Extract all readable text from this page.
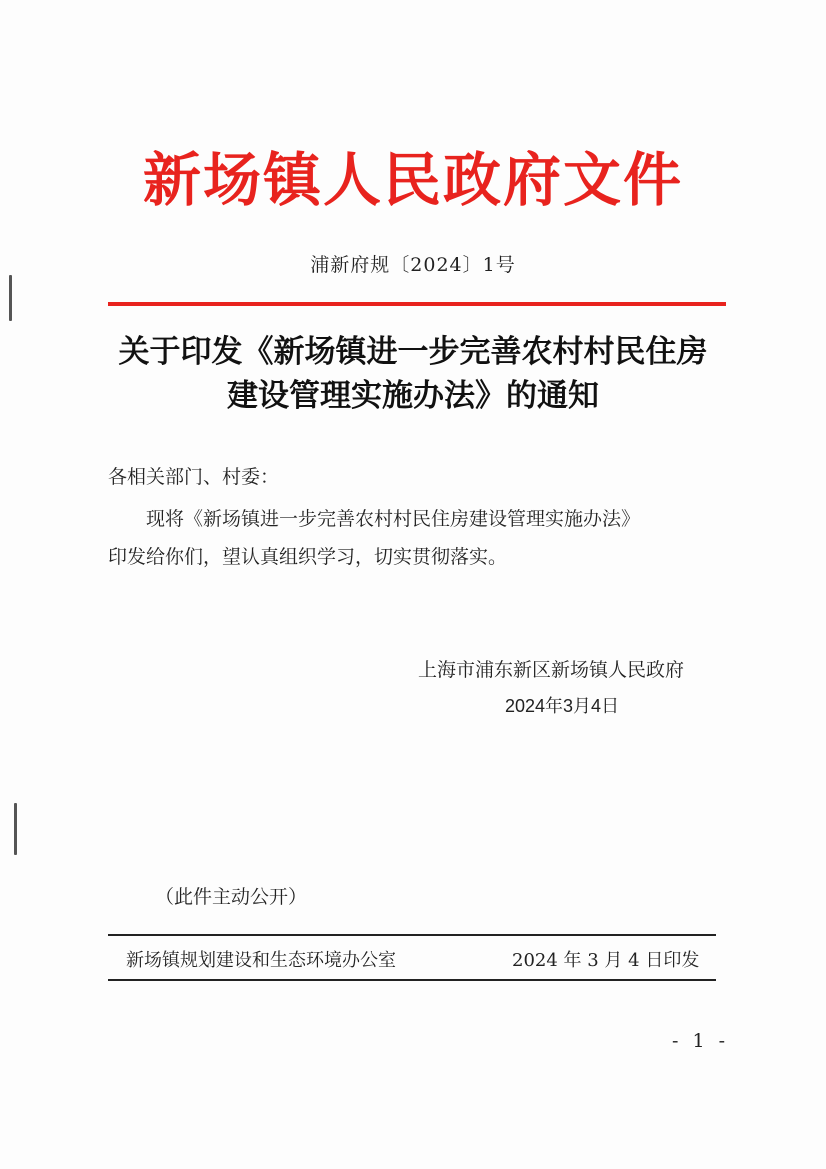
新场镇人民政府文件
浦新府规〔2024〕1号
关于印发《新场镇进一步完善农村村民住房
建设管理实施办法》的通知
各相关部门、村委：
现将《新场镇进一步完善农村村民住房建设管理实施办法》
印发给你们，望认真组织学习，切实贯彻落实。
上海市浦东新区新场镇人民政府
2024年3月4日
（此件主动公开）
新场镇规划建设和生态环境办公室	2024 年 3 月 4 日印发
- 1 -
